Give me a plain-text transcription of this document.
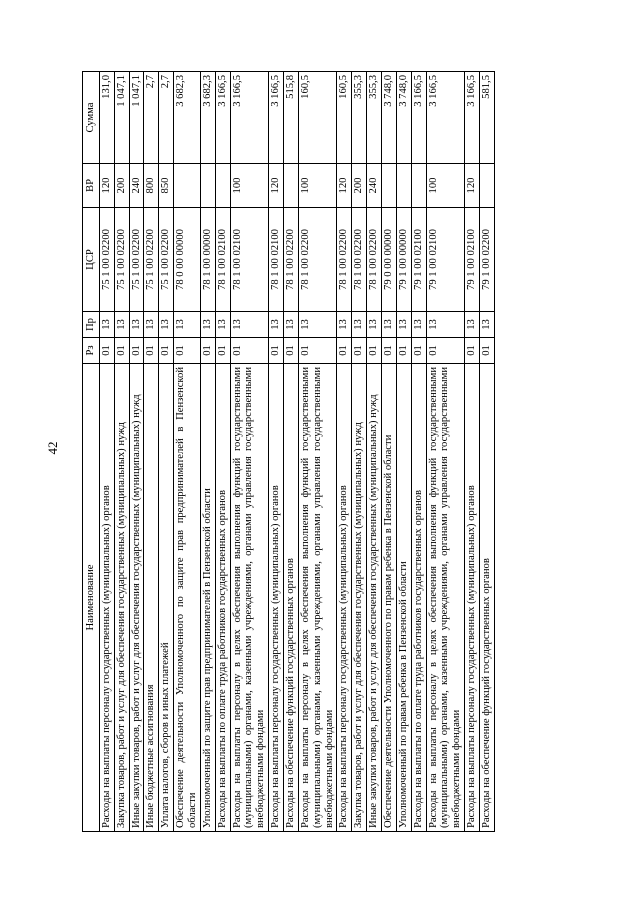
42
Наименование	Рз	Пр	ЦСР	ВР	Сумма
Расходы на выплаты персоналу государственных (муниципальных) органов	01	13	75 1 00 02200	120	131,0
Закупка товаров, работ и услуг для обеспечения государственных (муниципальных) нужд	01	13	75 1 00 02200	200	1 047,1
Иные закупки товаров, работ и услуг для обеспечения государственных (муниципальных) нужд	01	13	75 1 00 02200	240	1 047,1
Иные бюджетные ассигнования	01	13	75 1 00 02200	800	2,7
Уплата налогов, сборов и иных платежей	01	13	75 1 00 02200	850	2,7
Обеспечение деятельности Уполномоченного по защите прав предпринимателей в Пензенской области	01	13	78 0 00 00000		3 682,3
Уполномоченный по защите прав предпринимателей в Пензенской области	01	13	78 1 00 00000		3 682,3
Расходы на выплаты по оплате труда работников государственных органов	01	13	78 1 00 02100		3 166,5
Расходы на выплаты персоналу в целях обеспечения выполнения функций государственными (муниципальными) органами, казенными учреждениями, органами управления государственными внебюджетными фондами	01	13	78 1 00 02100	100	3 166,5
Расходы на выплаты персоналу государственных (муниципальных) органов	01	13	78 1 00 02100	120	3 166,5
Расходы на обеспечение функций государственных органов	01	13	78 1 00 02200		515,8
Расходы на выплаты персоналу в целях обеспечения выполнения функций государственными (муниципальными) органами, казенными учреждениями, органами управления государственными внебюджетными фондами	01	13	78 1 00 02200	100	160,5
Расходы на выплаты персоналу государственных (муниципальных) органов	01	13	78 1 00 02200	120	160,5
Закупка товаров, работ и услуг для обеспечения государственных (муниципальных) нужд	01	13	78 1 00 02200	200	355,3
Иные закупки товаров, работ и услуг для обеспечения государственных (муниципальных) нужд	01	13	78 1 00 02200	240	355,3
Обеспечение деятельности Уполномоченного по правам ребенка в Пензенской области	01	13	79 0 00 00000		3 748,0
Уполномоченный по правам ребенка в Пензенской области	01	13	79 1 00 00000		3 748,0
Расходы на выплаты по оплате труда работников государственных органов	01	13	79 1 00 02100		3 166,5
Расходы на выплаты персоналу в целях обеспечения выполнения функций государственными (муниципальными) органами, казенными учреждениями, органами управления государственными внебюджетными фондами	01	13	79 1 00 02100	100	3 166,5
Расходы на выплаты персоналу государственных (муниципальных) органов	01	13	79 1 00 02100	120	3 166,5
Расходы на обеспечение функций государственных органов	01	13	79 1 00 02200		581,5
